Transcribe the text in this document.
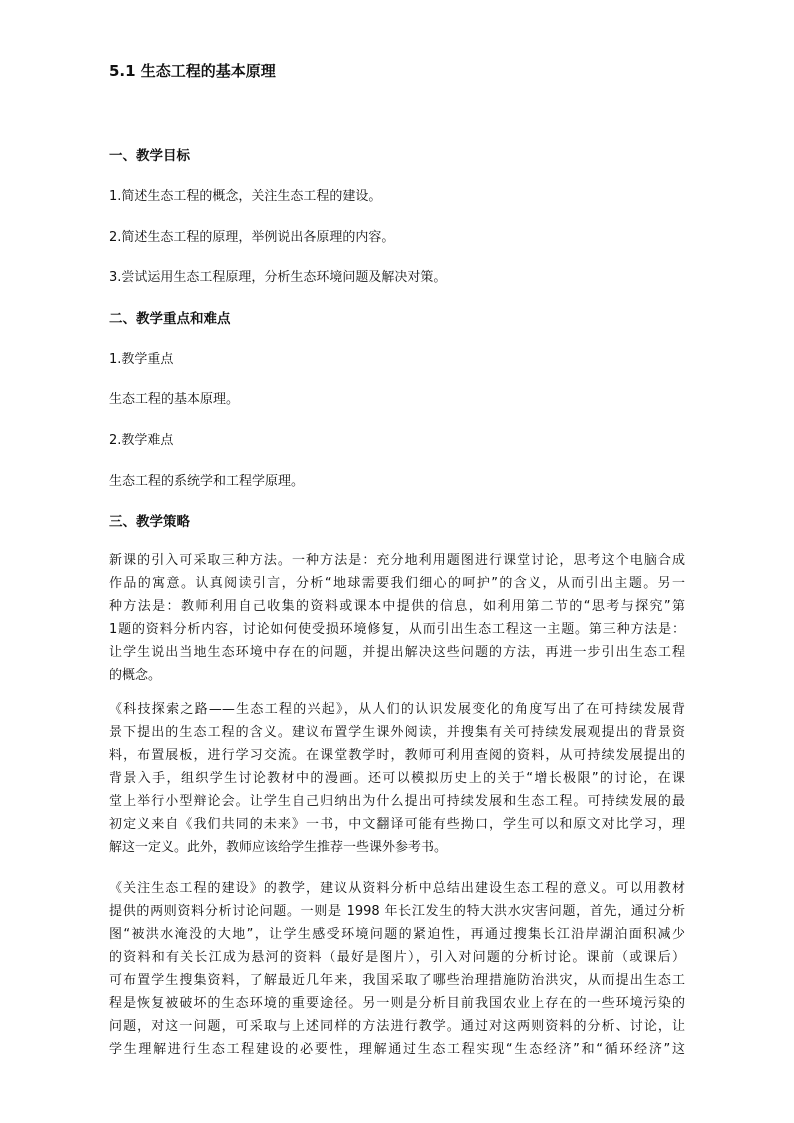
5.1 生态工程的基本原理
一、教学目标
1.简述生态工程的概念，关注生态工程的建设。
2.简述生态工程的原理，举例说出各原理的内容。
3.尝试运用生态工程原理，分析生态环境问题及解决对策。
二、教学重点和难点
1.教学重点
生态工程的基本原理。
2.教学难点
生态工程的系统学和工程学原理。
三、教学策略
新课的引入可采取三种方法。一种方法是：充分地利用题图进行课堂讨论，思考这个电脑合成
作品的寓意。认真阅读引言，分析“地球需要我们细心的呵护”的含义，从而引出主题。另一
种方法是：教师利用自己收集的资料或课本中提供的信息，如利用第二节的“思考与探究”第
1题的资料分析内容，讨论如何使受损环境修复，从而引出生态工程这一主题。第三种方法是：
让学生说出当地生态环境中存在的问题，并提出解决这些问题的方法，再进一步引出生态工程
的概念。
《科技探索之路——生态工程的兴起》，从人们的认识发展变化的角度写出了在可持续发展背
景下提出的生态工程的含义。建议布置学生课外阅读，并搜集有关可持续发展观提出的背景资
料，布置展板，进行学习交流。在课堂教学时，教师可利用查阅的资料，从可持续发展提出的
背景入手，组织学生讨论教材中的漫画。还可以模拟历史上的关于“增长极限”的讨论，在课
堂上举行小型辩论会。让学生自己归纳出为什么提出可持续发展和生态工程。可持续发展的最
初定义来自《我们共同的未来》一书，中文翻译可能有些拗口，学生可以和原文对比学习，理
解这一定义。此外，教师应该给学生推荐一些课外参考书。
《关注生态工程的建设》的教学，建议从资料分析中总结出建设生态工程的意义。可以用教材
提供的两则资料分析讨论问题。一则是 1998 年长江发生的特大洪水灾害问题，首先，通过分析
图“被洪水淹没的大地”，让学生感受环境问题的紧迫性，再通过搜集长江沿岸湖泊面积减少
的资料和有关长江成为悬河的资料（最好是图片），引入对问题的分析讨论。课前（或课后）
可布置学生搜集资料，了解最近几年来，我国采取了哪些治理措施防治洪灾，从而提出生态工
程是恢复被破坏的生态环境的重要途径。另一则是分析目前我国农业上存在的一些环境污染的
问题，对这一问题，可采取与上述同样的方法进行教学。通过对这两则资料的分析、讨论，让
学生理解进行生态工程建设的必要性，理解通过生态工程实现“生态经济”和“循环经济”这
